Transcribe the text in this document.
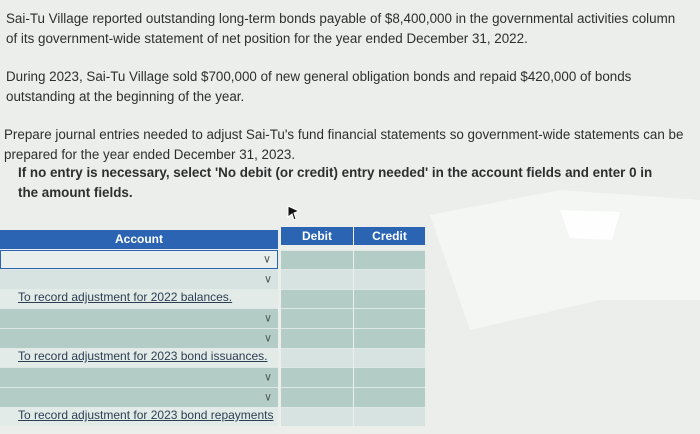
Sai-Tu Village reported outstanding long-term bonds payable of $8,400,000 in the governmental activities column of its government-wide statement of net position for the year ended December 31, 2022.

During 2023, Sai-Tu Village sold $700,000 of new general obligation bonds and repaid $420,000 of bonds outstanding at the beginning of the year.

Prepare journal entries needed to adjust Sai-Tu's fund financial statements so government-wide statements can be prepared for the year ended December 31, 2023.

If no entry is necessary, select 'No debit (or credit) entry needed' in the account fields and enter 0 in the amount fields.

Account	Debit	Credit
∨
∨
To record adjustment for 2022 balances.
∨
∨
To record adjustment for 2023 bond issuances.
∨
∨
To record adjustment for 2023 bond repayments
